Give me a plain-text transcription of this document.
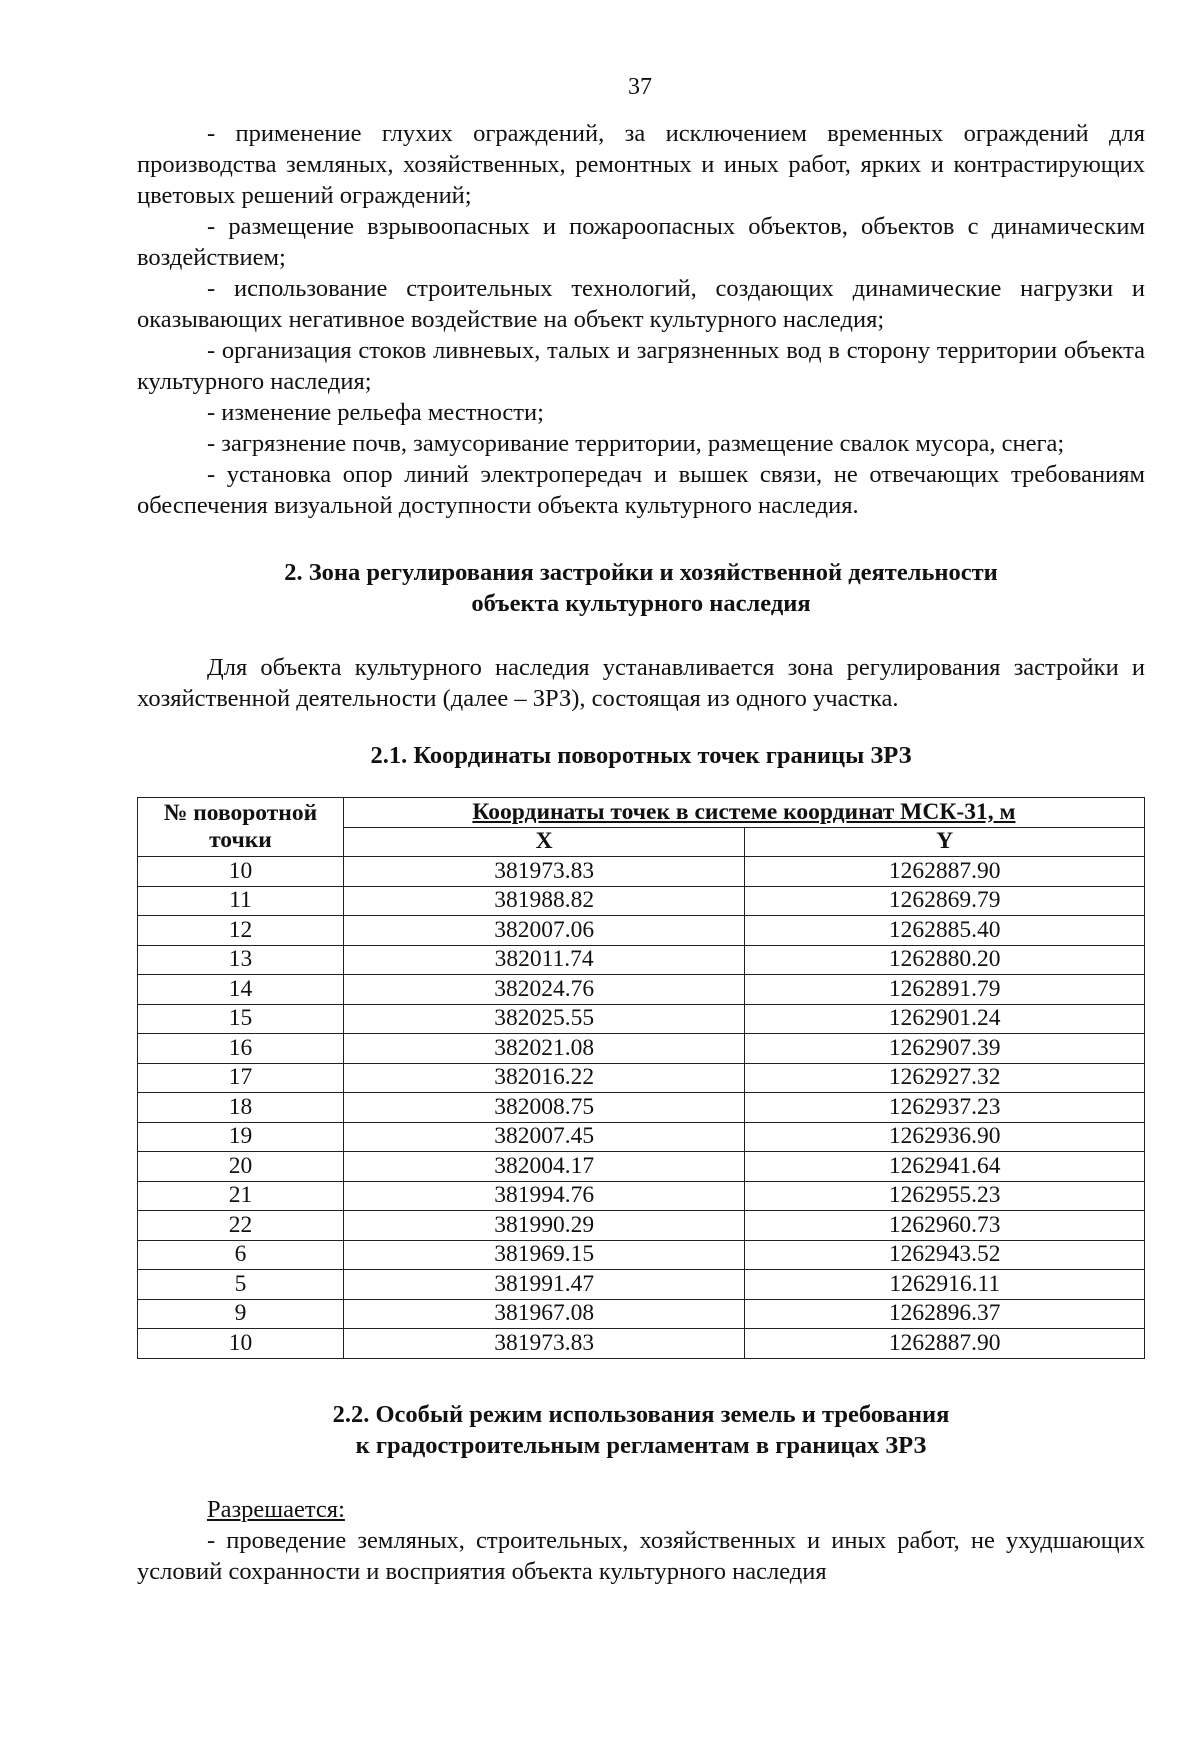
37

- применение глухих ограждений, за исключением временных ограждений для производства земляных, хозяйственных, ремонтных и иных работ, ярких и контрастирующих цветовых решений ограждений;

- размещение взрывоопасных и пожароопасных объектов, объектов с динамическим воздействием;

- использование строительных технологий, создающих динамические нагрузки и оказывающих негативное воздействие на объект культурного наследия;

- организация стоков ливневых, талых и загрязненных вод в сторону территории объекта культурного наследия;

- изменение рельефа местности;

- загрязнение почв, замусоривание территории, размещение свалок мусора, снега;

- установка опор линий электропередач и вышек связи, не отвечающих требованиям обеспечения визуальной доступности объекта культурного наследия.

2. Зона регулирования застройки и хозяйственной деятельности
объекта культурного наследия

Для объекта культурного наследия устанавливается зона регулирования застройки и хозяйственной деятельности (далее – ЗРЗ), состоящая из одного участка.

2.1. Координаты поворотных точек границы ЗРЗ
№ поворотной
точки	Координаты точек в системе координат МСК-31, м	
	X	Y
10	381973.83	1262887.90
11	381988.82	1262869.79
12	382007.06	1262885.40
13	382011.74	1262880.20
14	382024.76	1262891.79
15	382025.55	1262901.24
16	382021.08	1262907.39
17	382016.22	1262927.32
18	382008.75	1262937.23
19	382007.45	1262936.90
20	382004.17	1262941.64
21	381994.76	1262955.23
22	381990.29	1262960.73
6	381969.15	1262943.52
5	381991.47	1262916.11
9	381967.08	1262896.37
10	381973.83	1262887.90
2.2. Особый режим использования земель и требования
к градостроительным регламентам в границах ЗРЗ

Разрешается:

- проведение земляных, строительных, хозяйственных и иных работ, не ухудшающих условий сохранности и восприятия объекта культурного наследия
